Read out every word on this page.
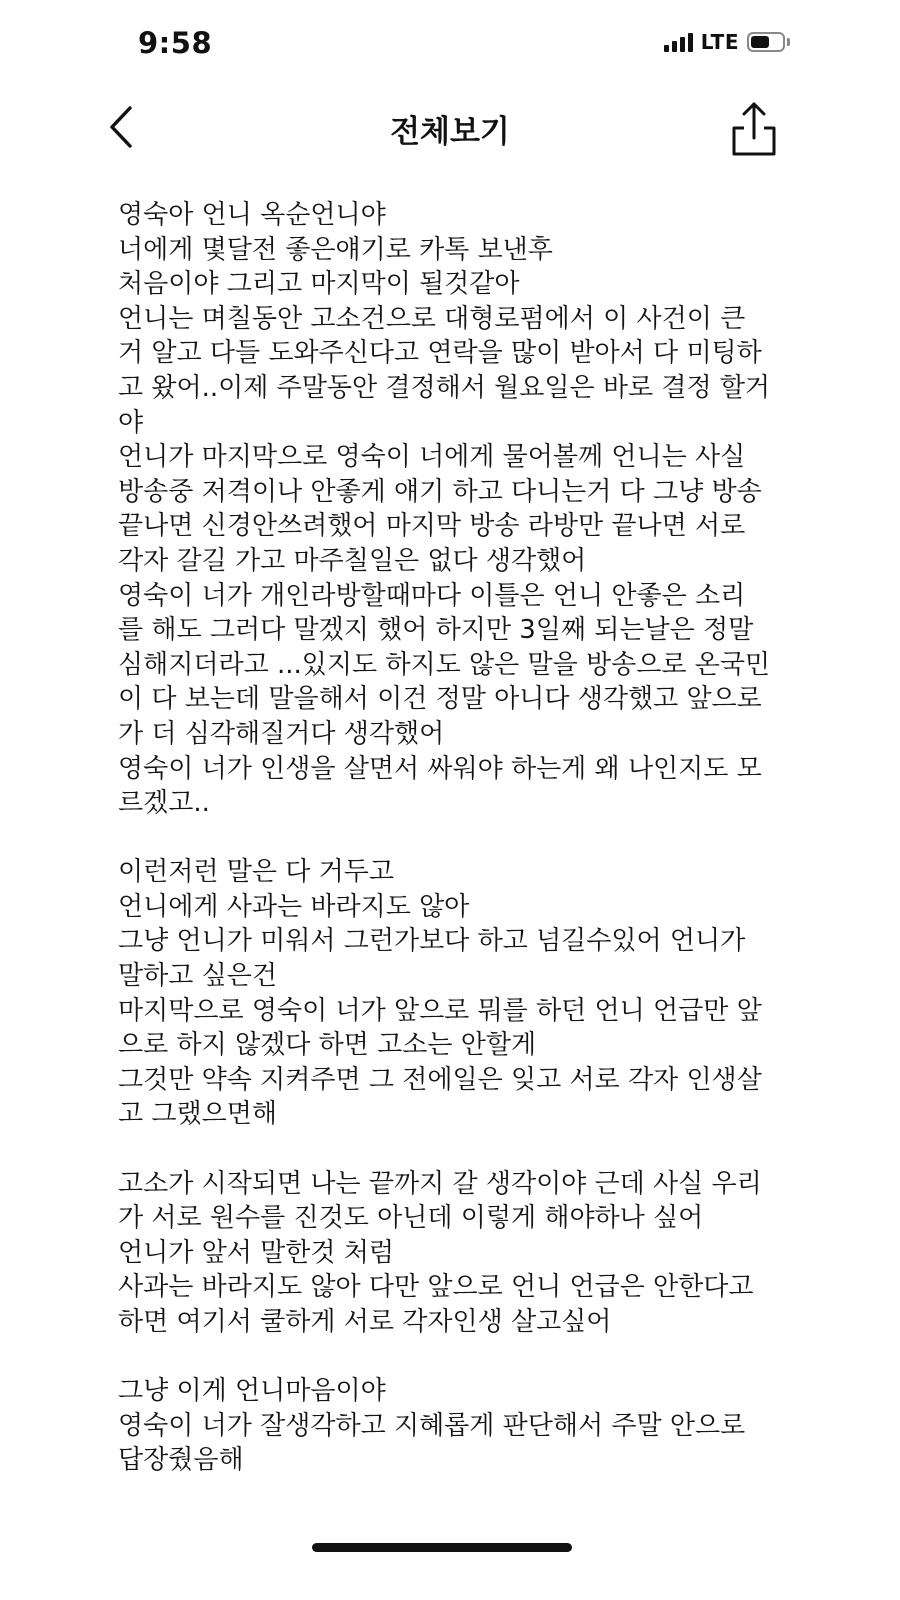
9:58	LTE
전체보기
영숙아 언니 옥순언니야
너에게 몇달전 좋은얘기로 카톡 보낸후
처음이야 그리고 마지막이 될것같아
언니는 며칠동안 고소건으로 대형로펌에서 이 사건이 큰
거 알고 다들 도와주신다고 연락을 많이 받아서 다 미팅하
고 왔어..이제 주말동안 결정해서 월요일은 바로 결정 할거
야
언니가 마지막으로 영숙이 너에게 물어볼께 언니는 사실
방송중 저격이나 안좋게 얘기 하고 다니는거 다 그냥 방송
끝나면 신경안쓰려했어 마지막 방송 라방만 끝나면 서로
각자 갈길 가고 마주칠일은 없다 생각했어
영숙이 너가 개인라방할때마다 이틀은 언니 안좋은 소리
를 해도 그러다 말겠지 했어 하지만 3일째 되는날은 정말
심해지더라고 ...있지도 하지도 않은 말을 방송으로 온국민
이 다 보는데 말을해서 이건 정말 아니다 생각했고 앞으로
가 더 심각해질거다 생각했어
영숙이 너가 인생을 살면서 싸워야 하는게 왜 나인지도 모
르겠고..
이런저런 말은 다 거두고
언니에게 사과는 바라지도 않아
그냥 언니가 미워서 그런가보다 하고 넘길수있어 언니가
말하고 싶은건
마지막으로 영숙이 너가 앞으로 뭐를 하던 언니 언급만 앞
으로 하지 않겠다 하면 고소는 안할게
그것만 약속 지켜주면 그 전에일은 잊고 서로 각자 인생살
고 그랬으면해
고소가 시작되면 나는 끝까지 갈 생각이야 근데 사실 우리
가 서로 원수를 진것도 아닌데 이렇게 해야하나 싶어
언니가 앞서 말한것 처럼
사과는 바라지도 않아 다만 앞으로 언니 언급은 안한다고
하면 여기서 쿨하게 서로 각자인생 살고싶어
그냥 이게 언니마음이야
영숙이 너가 잘생각하고 지혜롭게 판단해서 주말 안으로
답장줬음해
